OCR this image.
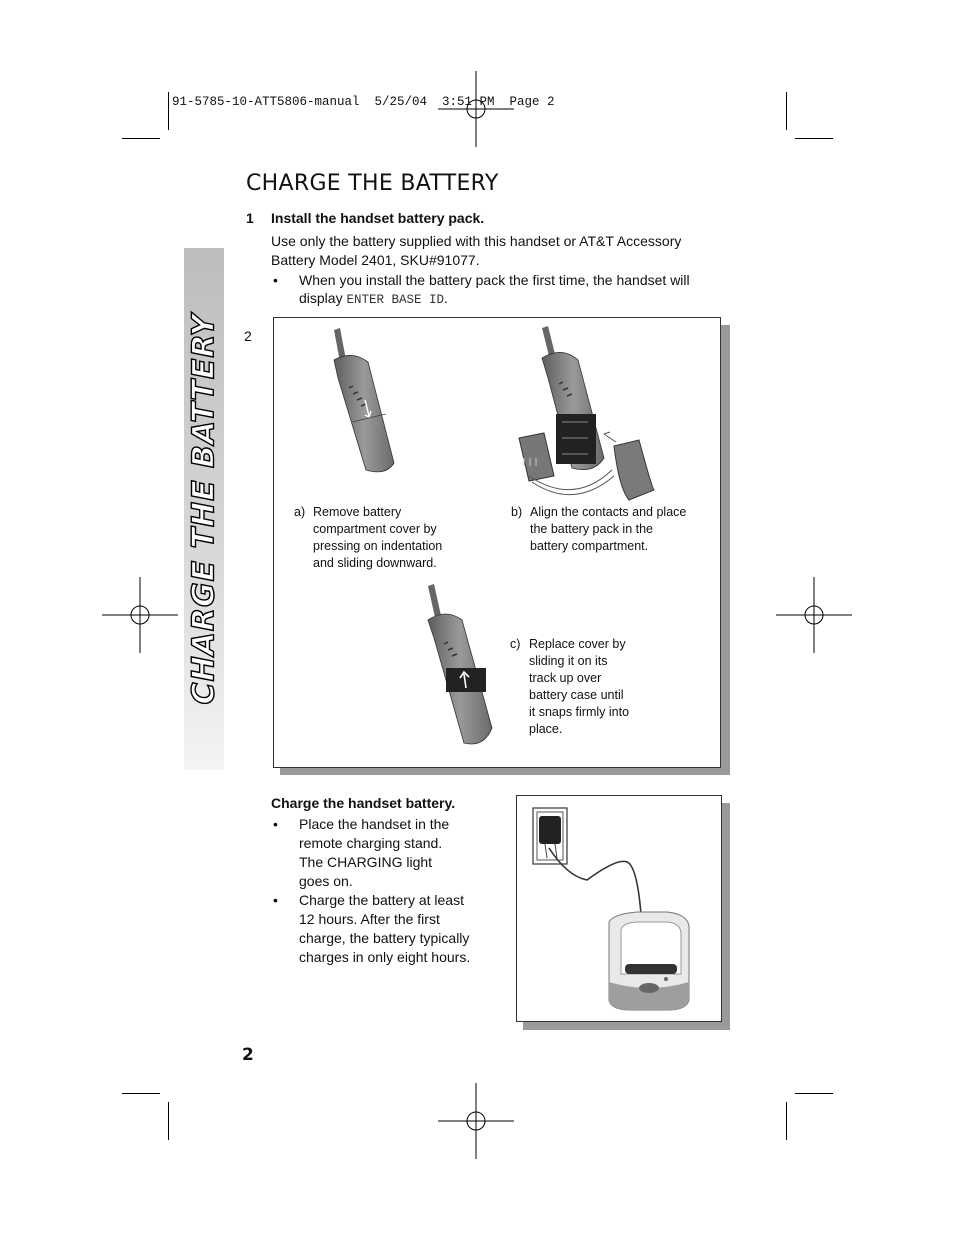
91-5785-10-ATT5806-manual  5/25/04  3:51 PM  Page 2
CHARGE THE BATTERY
CHARGE THE BATTERY
1 Install the handset battery pack.
Use only the battery supplied with this handset or AT&T Accessory
Battery Model 2401, SKU#91077.
• When you install the battery pack the first time, the handset will
display ENTER BASE ID.
2
a) Remove battery
compartment cover by
pressing on indentation
and sliding downward.
b) Align the contacts and place
the battery pack in the
battery compartment.
c) Replace cover by
sliding it on its
track up over
battery case until
it snaps firmly into
place.
Charge the handset battery.
• Place the handset in the
remote charging stand.
The CHARGING light
goes on.
• Charge the battery at least
12 hours. After the first
charge, the battery typically
charges in only eight hours.
2
